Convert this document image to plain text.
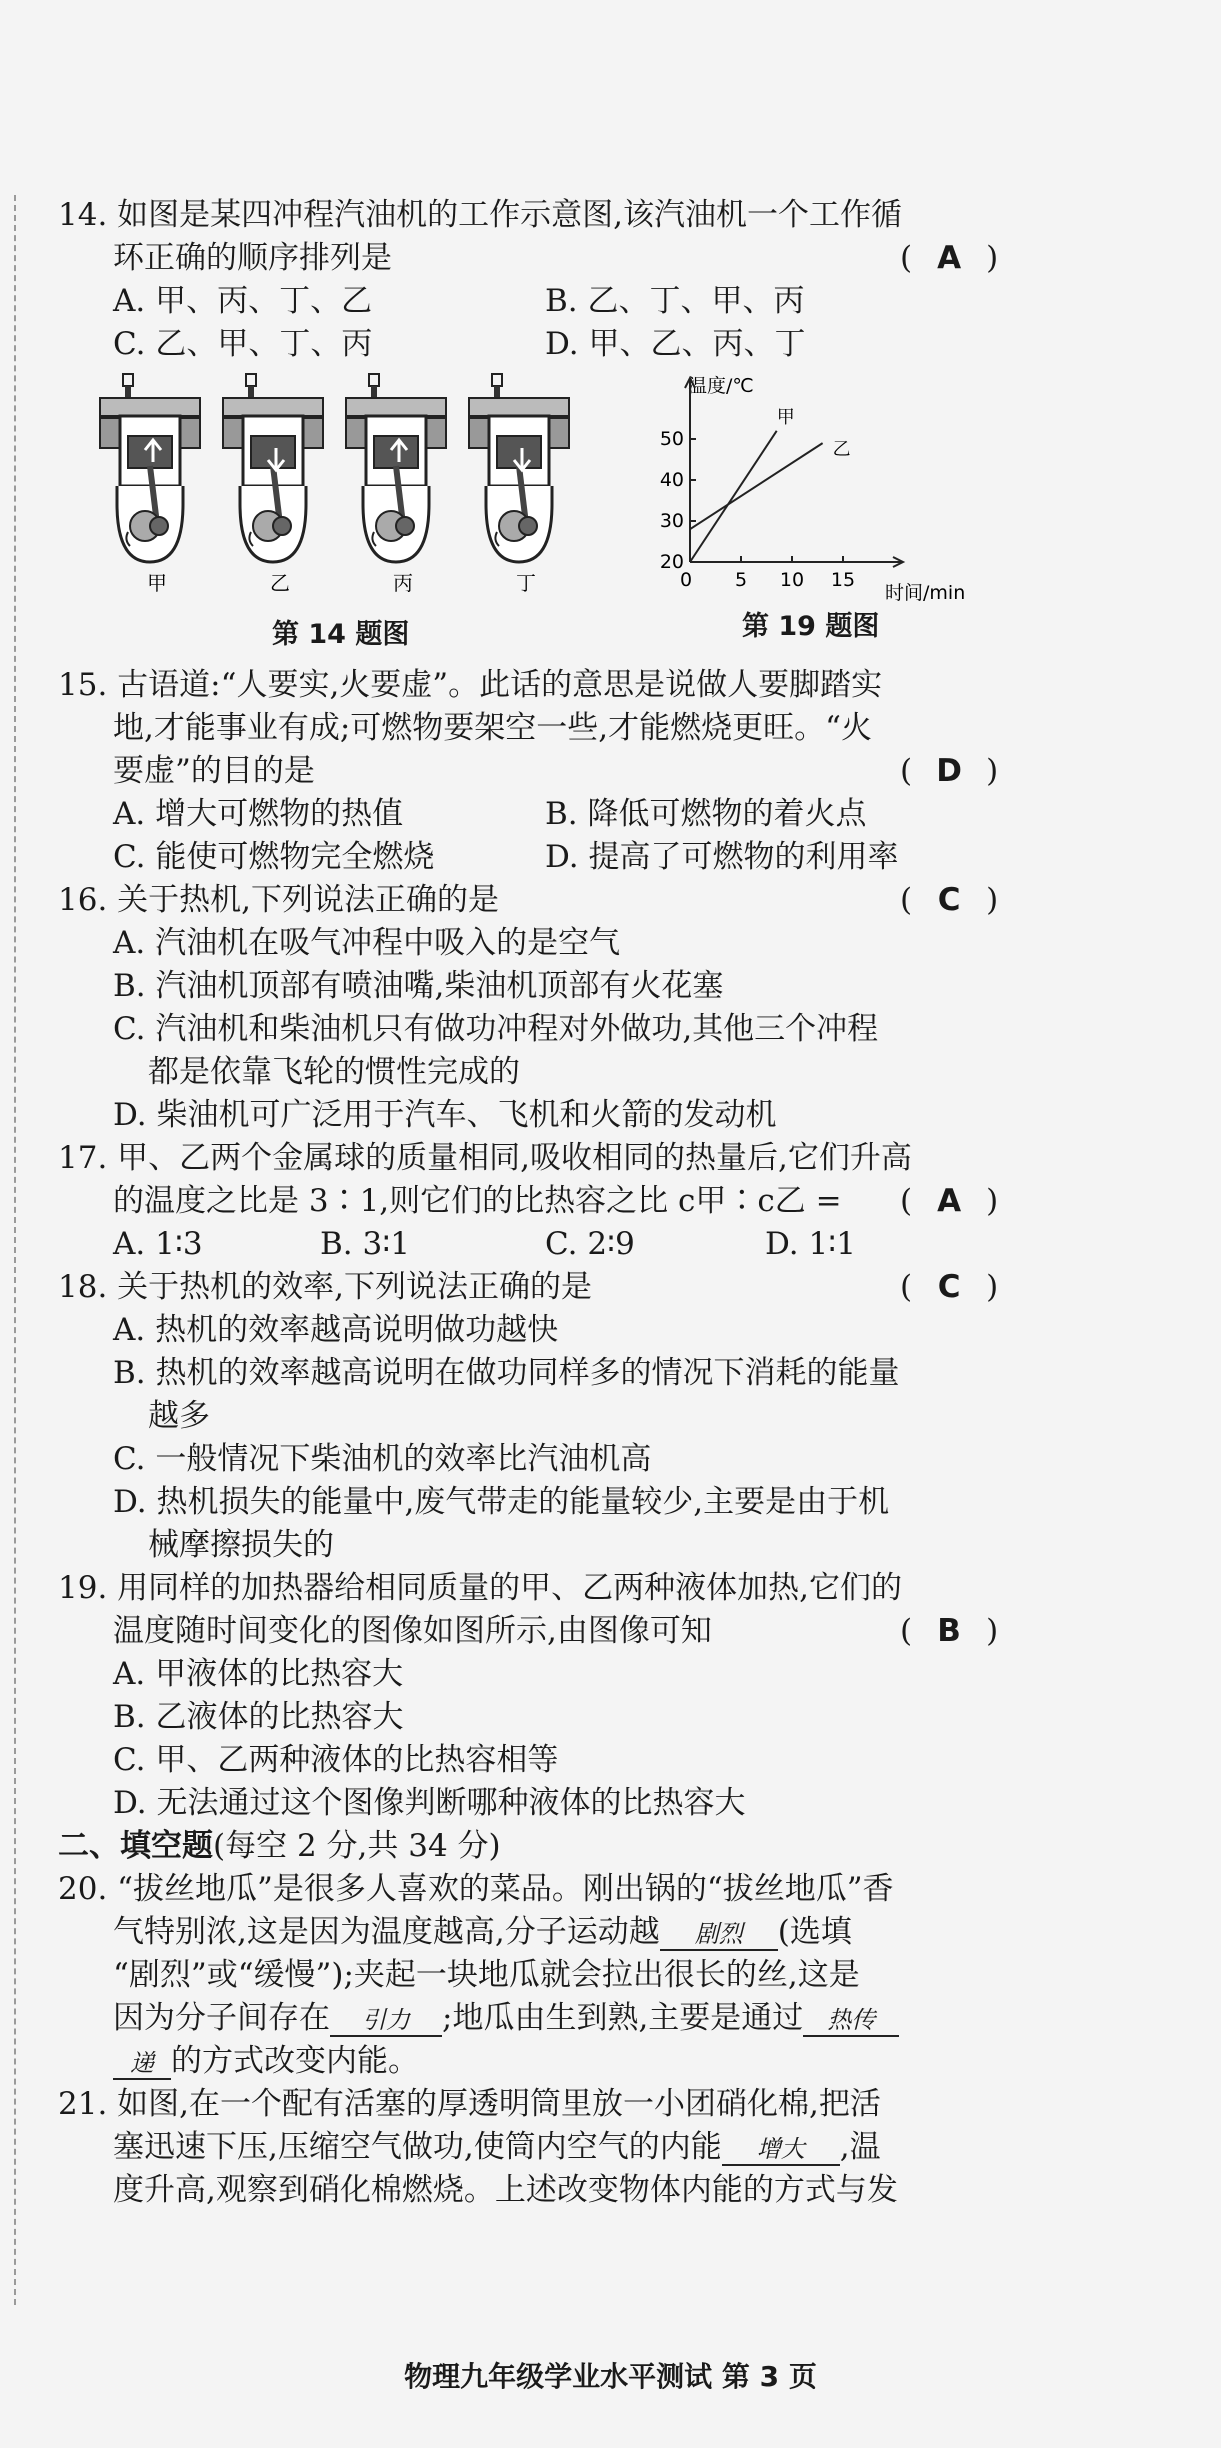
14. 如图是某四冲程汽油机的工作示意图,该汽油机一个工作循
环正确的顺序排列是	( A )
A. 甲、丙、丁、乙	B. 乙、丁、甲、丙
C. 乙、甲、丁、丙	D. 甲、乙、丙、丁
甲	乙	丙	丁
第 14 题图
温度/℃
时间/min
0 5 10 15
20
30
40
50
甲
乙
第 19 题图
15. 古语道:“人要实,火要虚”。此话的意思是说做人要脚踏实
地,才能事业有成;可燃物要架空一些,才能燃烧更旺。“火
要虚”的目的是	( D )
A. 增大可燃物的热值	B. 降低可燃物的着火点
C. 能使可燃物完全燃烧	D. 提高了可燃物的利用率
16. 关于热机,下列说法正确的是	( C )
A. 汽油机在吸气冲程中吸入的是空气
B. 汽油机顶部有喷油嘴,柴油机顶部有火花塞
C. 汽油机和柴油机只有做功冲程对外做功,其他三个冲程
都是依靠飞轮的惯性完成的
D. 柴油机可广泛用于汽车、飞机和火箭的发动机
17. 甲、乙两个金属球的质量相同,吸收相同的热量后,它们升高
的温度之比是 3∶1,则它们的比热容之比 c甲∶c乙 = ( A )
A. 1∶3	B. 3∶1	C. 2∶9	D. 1∶1
18. 关于热机的效率,下列说法正确的是	( C )
A. 热机的效率越高说明做功越快
B. 热机的效率越高说明在做功同样多的情况下消耗的能量
越多
C. 一般情况下柴油机的效率比汽油机高
D. 热机损失的能量中,废气带走的能量较少,主要是由于机
械摩擦损失的
19. 用同样的加热器给相同质量的甲、乙两种液体加热,它们的
温度随时间变化的图像如图所示,由图像可知	( B )
A. 甲液体的比热容大
B. 乙液体的比热容大
C. 甲、乙两种液体的比热容相等
D. 无法通过这个图像判断哪种液体的比热容大
二、填空题(每空 2 分,共 34 分)
20. “拔丝地瓜”是很多人喜欢的菜品。刚出锅的“拔丝地瓜”香
气特别浓,这是因为温度越高,分子运动越 剧烈 (选填
“剧烈”或“缓慢”);夹起一块地瓜就会拉出很长的丝,这是
因为分子间存在 引力 ;地瓜由生到熟,主要是通过 热传
递 的方式改变内能。
21. 如图,在一个配有活塞的厚透明筒里放一小团硝化棉,把活
塞迅速下压,压缩空气做功,使筒内空气的内能 增大 ,温
度升高,观察到硝化棉燃烧。上述改变物体内能的方式与发
物理九年级学业水平测试 第 3 页
